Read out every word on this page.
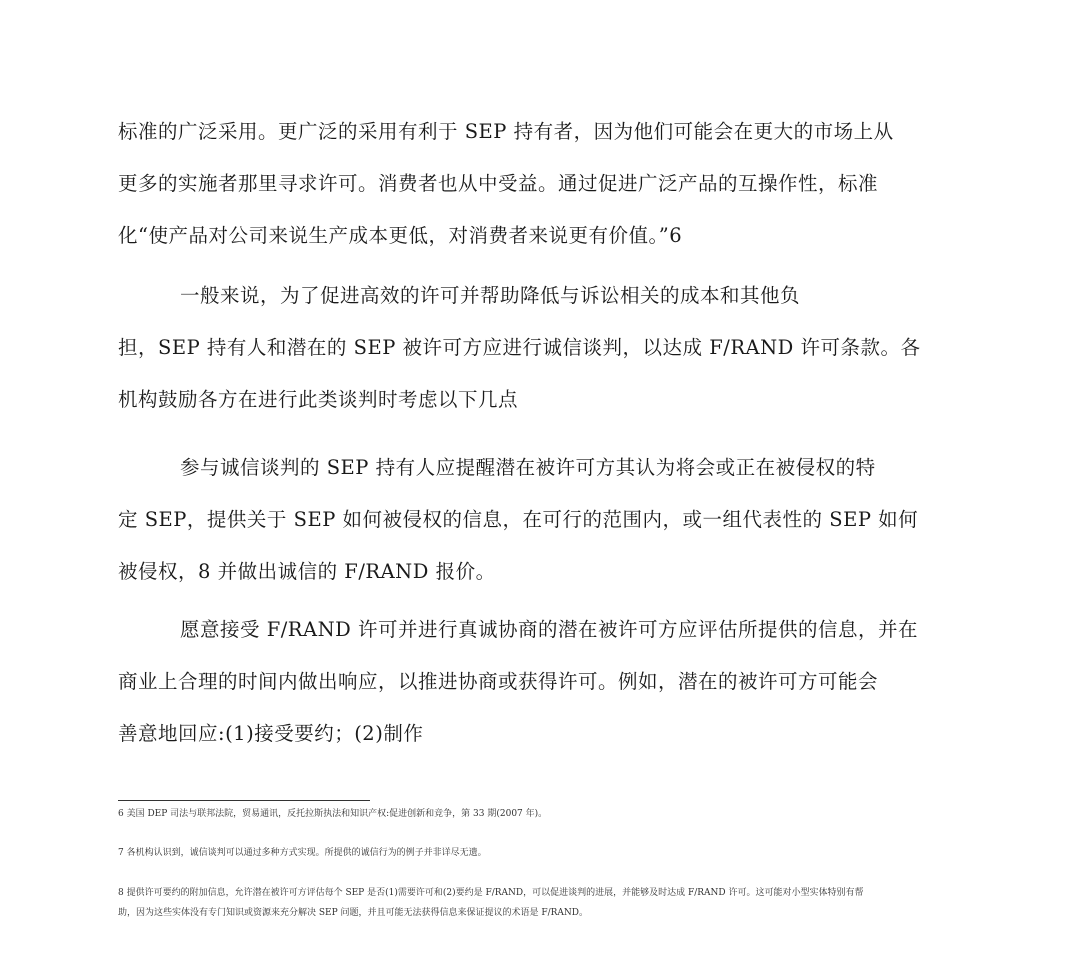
标准的广泛采用。更广泛的采用有利于 SEP 持有者，因为他们可能会在更大的市场上从
更多的实施者那里寻求许可。消费者也从中受益。通过促进广泛产品的互操作性，标准
化“使产品对公司来说生产成本更低，对消费者来说更有价值。”6
一般来说，为了促进高效的许可并帮助降低与诉讼相关的成本和其他负
担，SEP 持有人和潜在的 SEP 被许可方应进行诚信谈判，以达成 F/RAND 许可条款。各
机构鼓励各方在进行此类谈判时考虑以下几点
参与诚信谈判的 SEP 持有人应提醒潜在被许可方其认为将会或正在被侵权的特
定 SEP，提供关于 SEP 如何被侵权的信息，在可行的范围内，或一组代表性的 SEP 如何
被侵权，8 并做出诚信的 F/RAND 报价。
愿意接受 F/RAND 许可并进行真诚协商的潜在被许可方应评估所提供的信息，并在
商业上合理的时间内做出响应，以推进协商或获得许可。例如，潜在的被许可方可能会
善意地回应:(1)接受要约；(2)制作

6 美国 DEP 司法与联邦法院，贸易通讯，反托拉斯执法和知识产权:促进创新和竞争，第 33 期(2007 年)。

7 各机构认识到，诚信谈判可以通过多种方式实现。所提供的诚信行为的例子并非详尽无遗。

8 提供许可要约的附加信息，允许潜在被许可方评估每个 SEP 是否(1)需要许可和(2)要约是 F/RAND，可以促进谈判的进展，并能够及时达成 F/RAND 许可。这可能对小型实体特别有帮

助，因为这些实体没有专门知识或资源来充分解决 SEP 问题，并且可能无法获得信息来保证提议的术语是 F/RAND。
